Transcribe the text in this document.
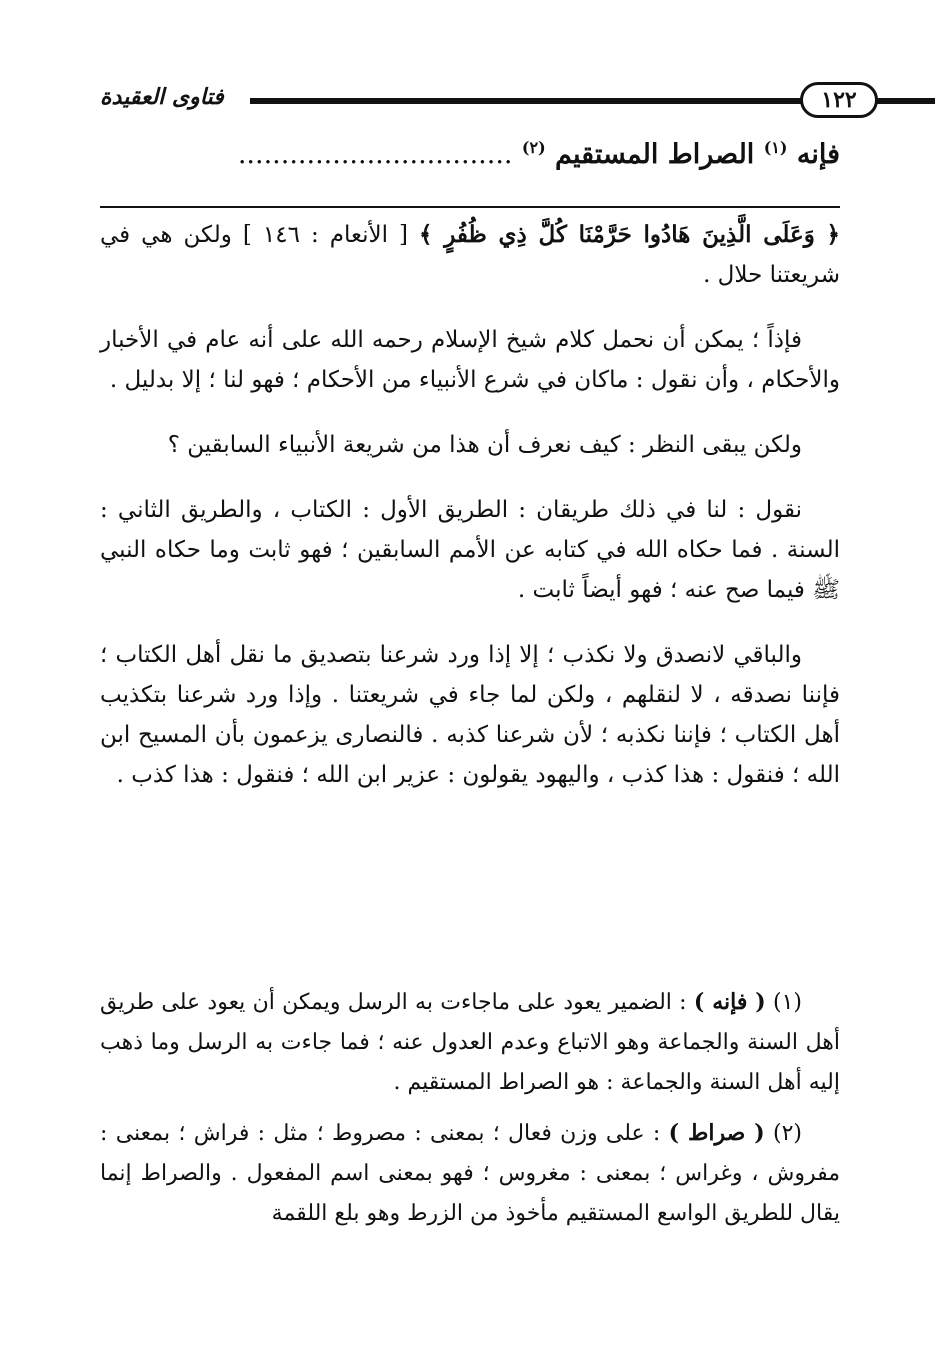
فتاوى العقيدة	١٢٢
فإنه $^{(١)}$ الصراط المستقيم $^{(٢)}$ ................................

﴿ وَعَلَى الَّذِينَ هَادُوا حَرَّمْنَا كُلَّ ذِي ظُفُرٍ ﴾ [ الأنعام : ١٤٦ ] ولكن هي في شريعتنا حلال .

فإذاً ؛ يمكن أن نحمل كلام شيخ الإسلام رحمه الله على أنه عام في الأخبار والأحكام ، وأن نقول : ماكان في شرع الأنبياء من الأحكام ؛ فهو لنا ؛ إلا بدليل .

ولكن يبقى النظر : كيف نعرف أن هذا من شريعة الأنبياء السابقين ؟

نقول : لنا في ذلك طريقان : الطريق الأول : الكتاب ، والطريق الثاني : السنة . فما حكاه الله في كتابه عن الأمم السابقين ؛ فهو ثابت وما حكاه النبي ﷺ فيما صح عنه ؛ فهو أيضاً ثابت .

والباقي لانصدق ولا نكذب ؛ إلا إذا ورد شرعنا بتصديق ما نقل أهل الكتاب ؛ فإننا نصدقه ، لا لنقلهم ، ولكن لما جاء في شريعتنا . وإذا ورد شرعنا بتكذيب أهل الكتاب ؛ فإننا نكذبه ؛ لأن شرعنا كذبه . فالنصارى يزعمون بأن المسيح ابن الله ؛ فنقول : هذا كذب ، واليهود يقولون : عزير ابن الله ؛ فنقول : هذا كذب .

(١) ( فإنه ) : الضمير يعود على ماجاءت به الرسل ويمكن أن يعود على طريق أهل السنة والجماعة وهو الاتباع وعدم العدول عنه ؛ فما جاءت به الرسل وما ذهب إليه أهل السنة والجماعة : هو الصراط المستقيم .

(٢) ( صراط ) : على وزن فعال ؛ بمعنى : مصروط ؛ مثل : فراش ؛ بمعنى : مفروش ، وغراس ؛ بمعنى : مغروس ؛ فهو بمعنى اسم المفعول . والصراط إنما يقال للطريق الواسع المستقيم مأخوذ من الزرط وهو بلع اللقمة
